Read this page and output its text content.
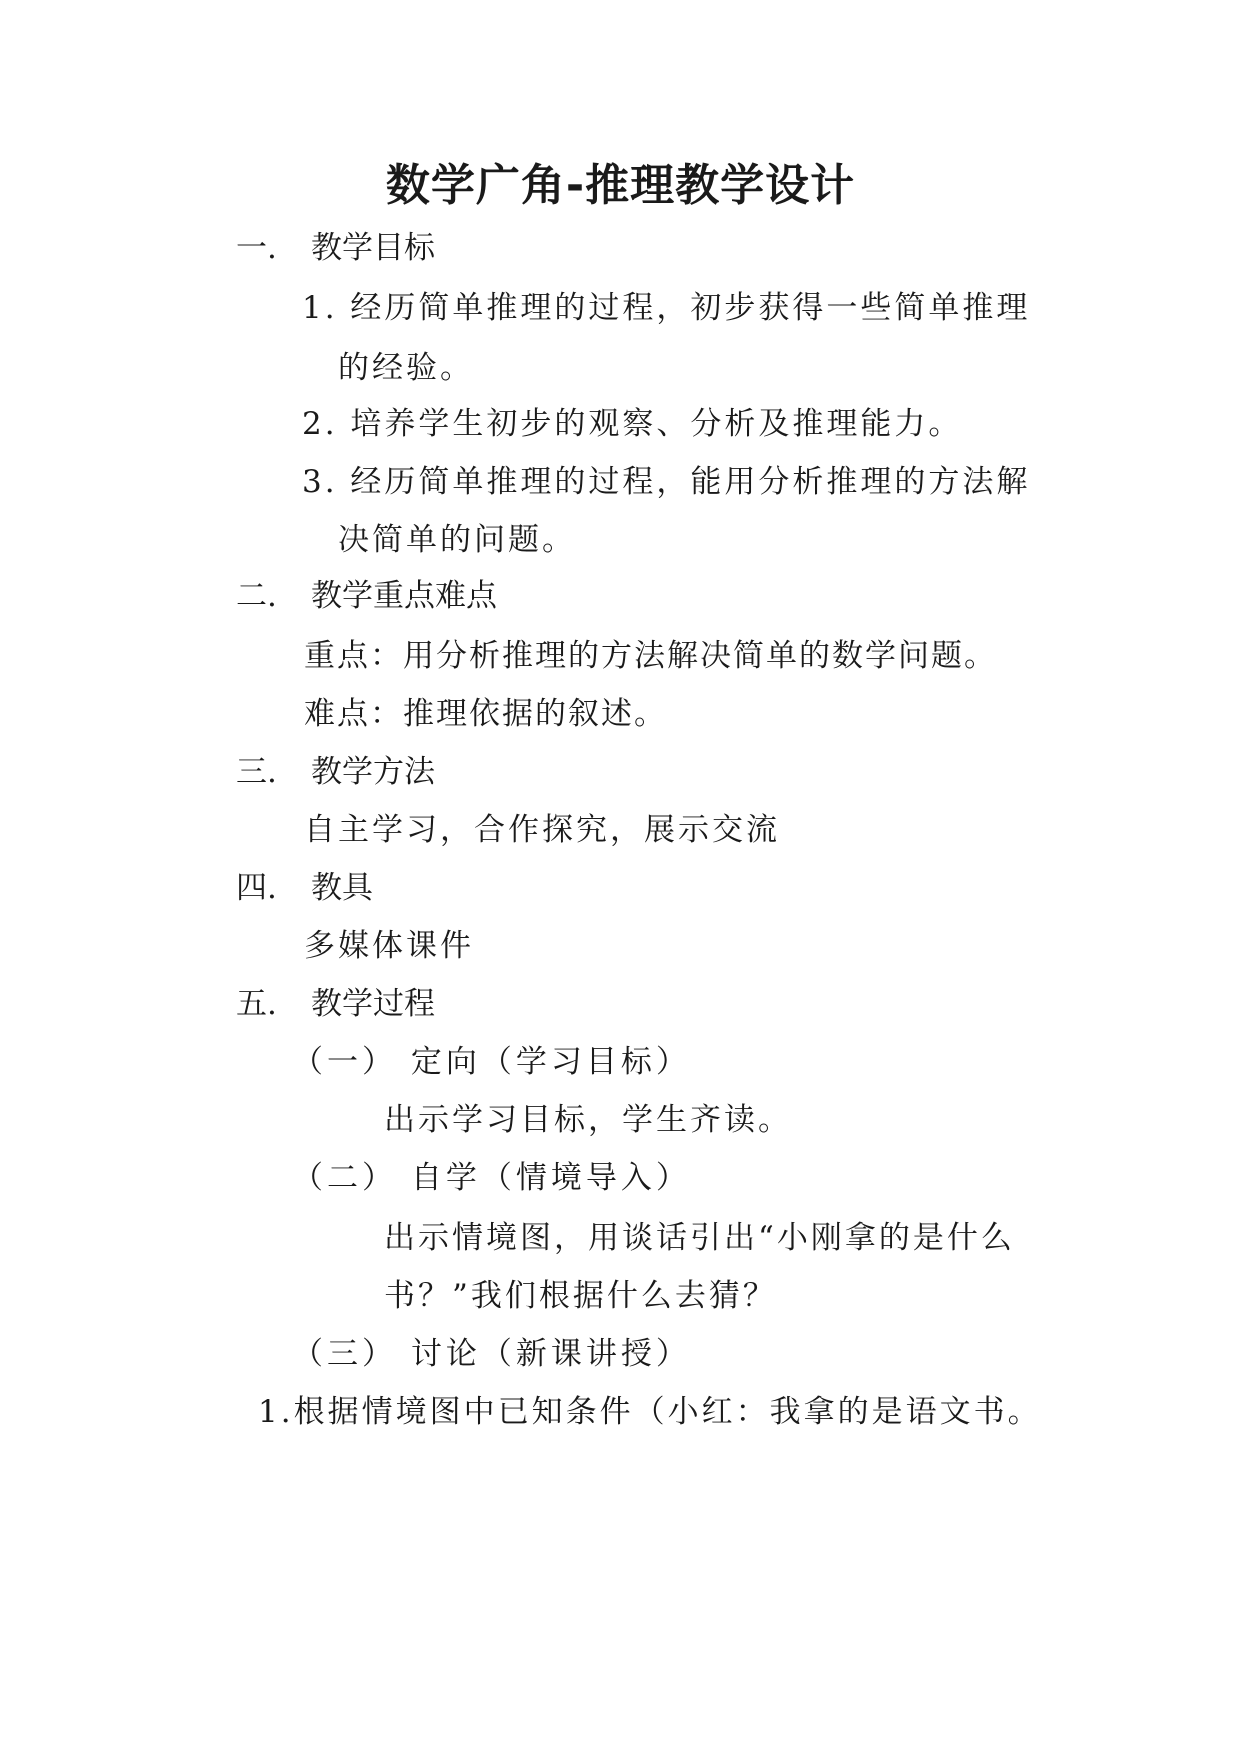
数学广角-推理教学设计
一. 教学目标
1. 经历简单推理的过程，初步获得一些简单推理
的经验。
2. 培养学生初步的观察、分析及推理能力。
3. 经历简单推理的过程，能用分析推理的方法解
决简单的问题。
二. 教学重点难点
重点：用分析推理的方法解决简单的数学问题。
难点：推理依据的叙述。
三. 教学方法
自主学习，合作探究，展示交流
四. 教具
多媒体课件
五. 教学过程
（一） 定向（学习目标）
出示学习目标，学生齐读。
（二） 自学（情境导入）
出示情境图，用谈话引出“小刚拿的是什么
书？”我们根据什么去猜？
（三） 讨论（新课讲授）
1.根据情境图中已知条件（小红：我拿的是语文书。
